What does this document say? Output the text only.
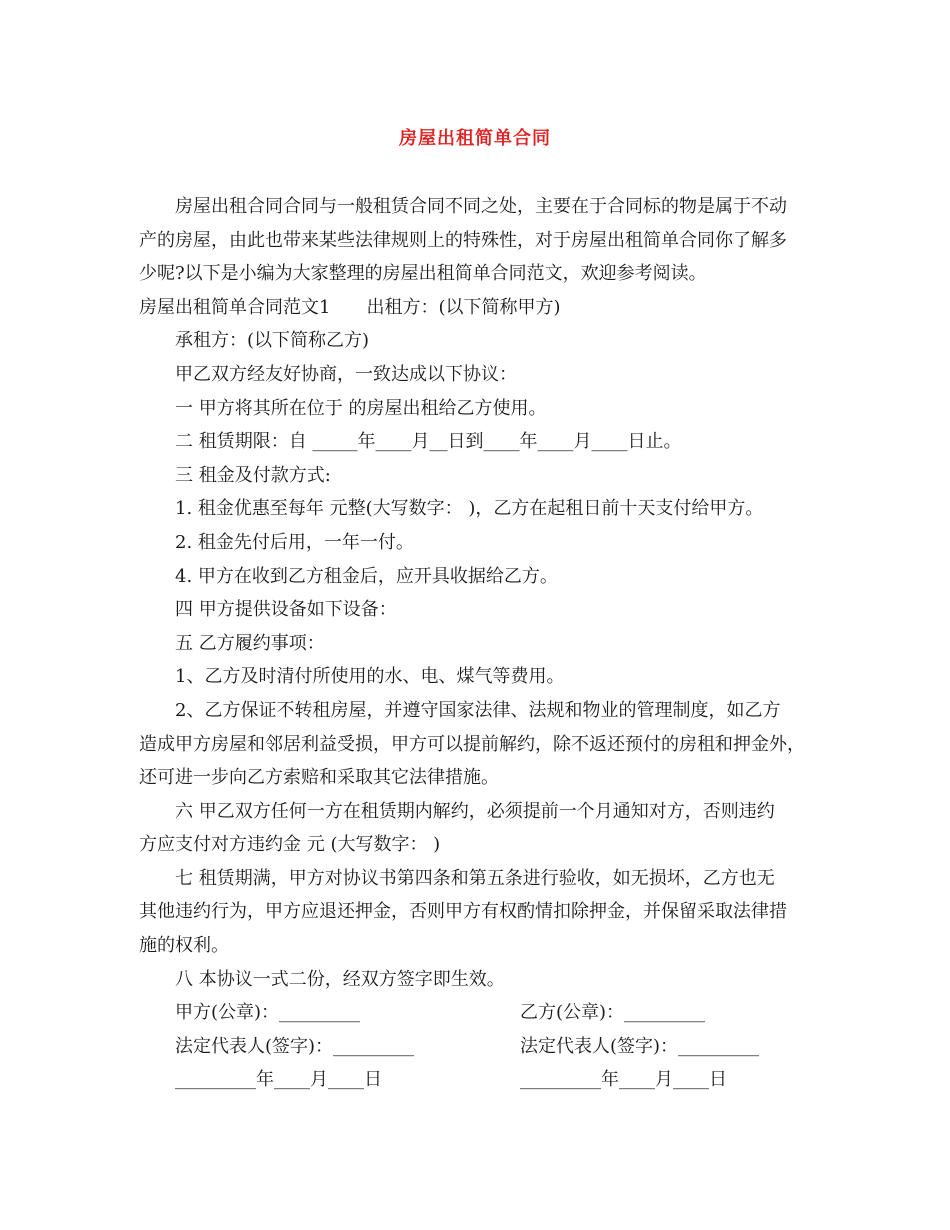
房屋出租简单合同

房屋出租合同合同与一般租赁合同不同之处，主要在于合同标的物是属于不动

产的房屋，由此也带来某些法律规则上的特殊性，对于房屋出租简单合同你了解多

少呢?以下是小编为大家整理的房屋出租简单合同范文，欢迎参考阅读。

房屋出租简单合同范文1　　出租方：(以下简称甲方)

承租方：(以下简称乙方)

甲乙双方经友好协商，一致达成以下协议：

一 甲方将其所在位于 的房屋出租给乙方使用。

二 租赁期限：自 _____年____月__日到____年____月____日止。

三 租金及付款方式:

1. 租金优惠至每年 元整(大写数字： )，乙方在起租日前十天支付给甲方。

2. 租金先付后用，一年一付。

4. 甲方在收到乙方租金后，应开具收据给乙方。

四 甲方提供设备如下设备：

五 乙方履约事项：

1、乙方及时清付所使用的水、电、煤气等费用。

2、乙方保证不转租房屋，并遵守国家法律、法规和物业的管理制度，如乙方

造成甲方房屋和邻居利益受损，甲方可以提前解约，除不返还预付的房租和押金外，

还可进一步向乙方索赔和采取其它法律措施。

六 甲乙双方任何一方在租赁期内解约，必须提前一个月通知对方，否则违约

方应支付对方违约金 元 (大写数字： )

七 租赁期满，甲方对协议书第四条和第五条进行验收，如无损坏，乙方也无

其他违约行为，甲方应退还押金，否则甲方有权酌情扣除押金，并保留采取法律措

施的权利。

八 本协议一式二份，经双方签字即生效。

甲方(公章)：_________	乙方(公章)：_________
法定代表人(签字)：_________	法定代表人(签字)：_________
_________年____月____日	_________年____月____日
